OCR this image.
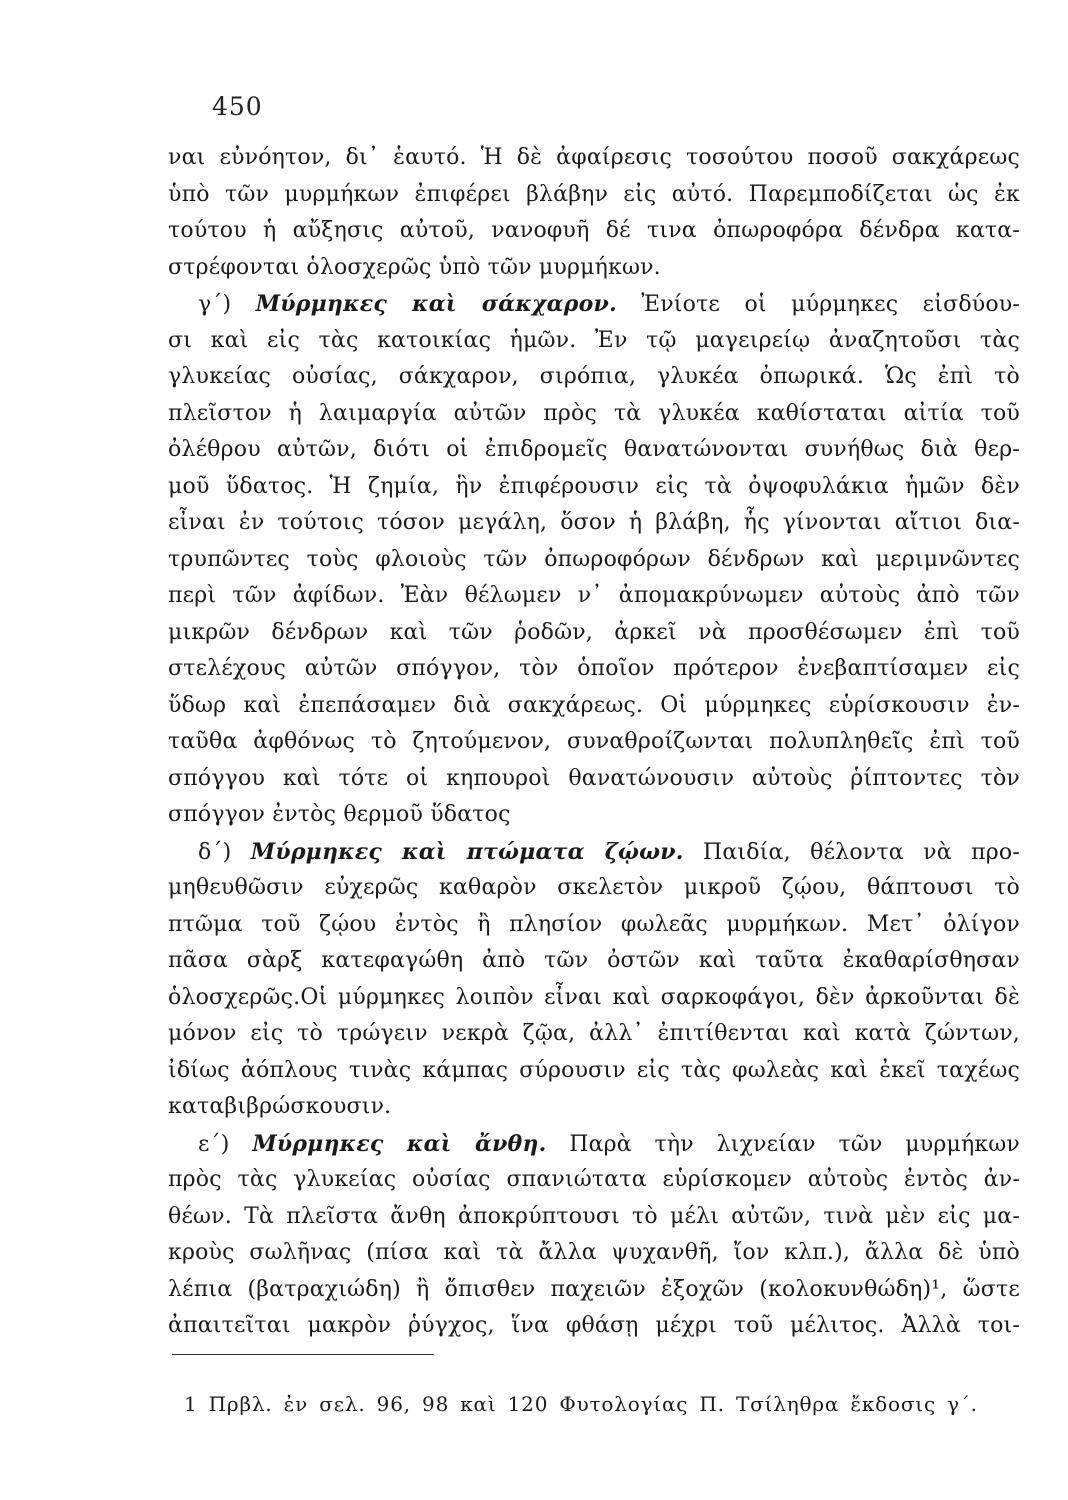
450
ναι εὐνόητον, δι᾽ ἑαυτό. Ἡ δὲ ἀφαίρεσις τοσούτου ποσοῦ σακχάρεως
ὑπὸ τῶν μυρμήκων ἐπιφέρει βλάβην εἰς αὐτό. Παρεμποδίζεται ὡς ἐκ
τούτου ἡ αὔξησις αὐτοῦ, νανοφυῆ δέ τινα ὀπωροφόρα δένδρα κατα-
στρέφονται ὁλοσχερῶς ὑπὸ τῶν μυρμήκων.
γ΄) Μύρμηκες καὶ σάκχαρον. Ἐνίοτε οἱ μύρμηκες εἰσδύου-
σι καὶ εἰς τὰς κατοικίας ἡμῶν. Ἐν τῷ μαγειρείῳ ἀναζητοῦσι τὰς
γλυκείας οὐσίας, σάκχαρον, σιρόπια, γλυκέα ὀπωρικά. Ὡς ἐπὶ τὸ
πλεῖστον ἡ λαιμαργία αὐτῶν πρὸς τὰ γλυκέα καθίσταται αἰτία τοῦ
ὀλέθρου αὐτῶν, διότι οἱ ἐπιδρομεῖς θανατώνονται συνήθως διὰ θερ-
μοῦ ὕδατος. Ἡ ζημία, ἣν ἐπιφέρουσιν εἰς τὰ ὀψοφυλάκια ἡμῶν δὲν
εἶναι ἐν τούτοις τόσον μεγάλη, ὅσον ἡ βλάβη, ἧς γίνονται αἴτιοι δια-
τρυπῶντες τοὺς φλοιοὺς τῶν ὀπωροφόρων δένδρων καὶ μεριμνῶντες
περὶ τῶν ἀφίδων. Ἐὰν θέλωμεν ν᾽ ἀπομακρύνωμεν αὐτοὺς ἀπὸ τῶν
μικρῶν δένδρων καὶ τῶν ῥοδῶν, ἀρκεῖ νὰ προσθέσωμεν ἐπὶ τοῦ
στελέχους αὐτῶν σπόγγον, τὸν ὁποῖον πρότερον ἐνεβαπτίσαμεν εἰς
ὕδωρ καὶ ἐπεπάσαμεν διὰ σακχάρεως. Οἱ μύρμηκες εὑρίσκουσιν ἐν-
ταῦθα ἀφθόνως τὸ ζητούμενον, συναθροίζωνται πολυπληθεῖς ἐπὶ τοῦ
σπόγγου καὶ τότε οἱ κηπουροὶ θανατώνουσιν αὐτοὺς ῥίπτοντες τὸν
σπόγγον ἐντὸς θερμοῦ ὕδατος
δ΄) Μύρμηκες καὶ πτώματα ζῴων. Παιδία, θέλοντα νὰ προ-
μηθευθῶσιν εὐχερῶς καθαρὸν σκελετὸν μικροῦ ζῴου, θάπτουσι τὸ
πτῶμα τοῦ ζῴου ἐντὸς ἢ πλησίον φωλεᾶς μυρμήκων. Μετ᾽ ὀλίγον
πᾶσα σὰρξ κατεφαγώθη ἀπὸ τῶν ὀστῶν καὶ ταῦτα ἐκαθαρίσθησαν
ὁλοσχερῶς.Οἱ μύρμηκες λοιπὸν εἶναι καὶ σαρκοφάγοι, δὲν ἀρκοῦνται δὲ
μόνον εἰς τὸ τρώγειν νεκρὰ ζῷα, ἀλλ᾽ ἐπιτίθενται καὶ κατὰ ζώντων,
ἰδίως ἀόπλους τινὰς κάμπας σύρουσιν εἰς τὰς φωλεὰς καὶ ἐκεῖ ταχέως
καταβιβρώσκουσιν.
ε΄) Μύρμηκες καὶ ἄνθη. Παρὰ τὴν λιχνείαν τῶν μυρμήκων
πρὸς τὰς γλυκείας οὐσίας σπανιώτατα εὑρίσκομεν αὐτοὺς ἐντὸς ἀν-
θέων. Τὰ πλεῖστα ἄνθη ἀποκρύπτουσι τὸ μέλι αὐτῶν, τινὰ μὲν εἰς μα-
κροὺς σωλῆνας (πίσα καὶ τὰ ἄλλα ψυχανθῆ, ἴον κλπ.), ἄλλα δὲ ὑπὸ
λέπια (βατραχιώδη) ἢ ὄπισθεν παχειῶν ἐξοχῶν (κολοκυνθώδη)¹, ὥστε
ἀπαιτεῖται μακρὸν ῥύγχος, ἵνα φθάσῃ μέχρι τοῦ μέλιτος. Ἀλλὰ τοι-
1 Πρβλ. ἐν σελ. 96, 98 καὶ 120 Φυτολογίας Π. Τσίληθρα ἔκδοσις γ΄.
